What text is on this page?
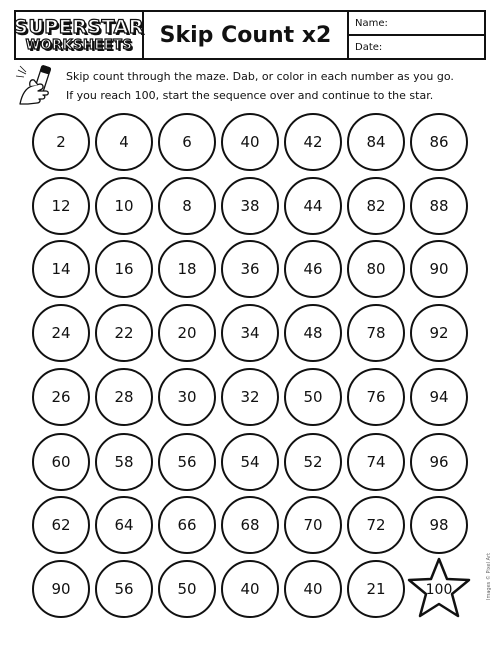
SUPERSTAR
WORKSHEETS Skip Count x2 Name:
Date:
Skip count through the maze. Dab, or color in each number as you go.
If you reach 100, start the sequence over and continue to the star.
2	4	6	40	42	84	86
12	10	8	38	44	82	88
14	16	18	36	46	80	90
24	22	20	34	48	78	92
26	28	30	32	50	76	94
60	58	56	54	52	74	96
62	64	66	68	70	72	98
90	56	50	40	40	21	100	Images © Pixel Art
